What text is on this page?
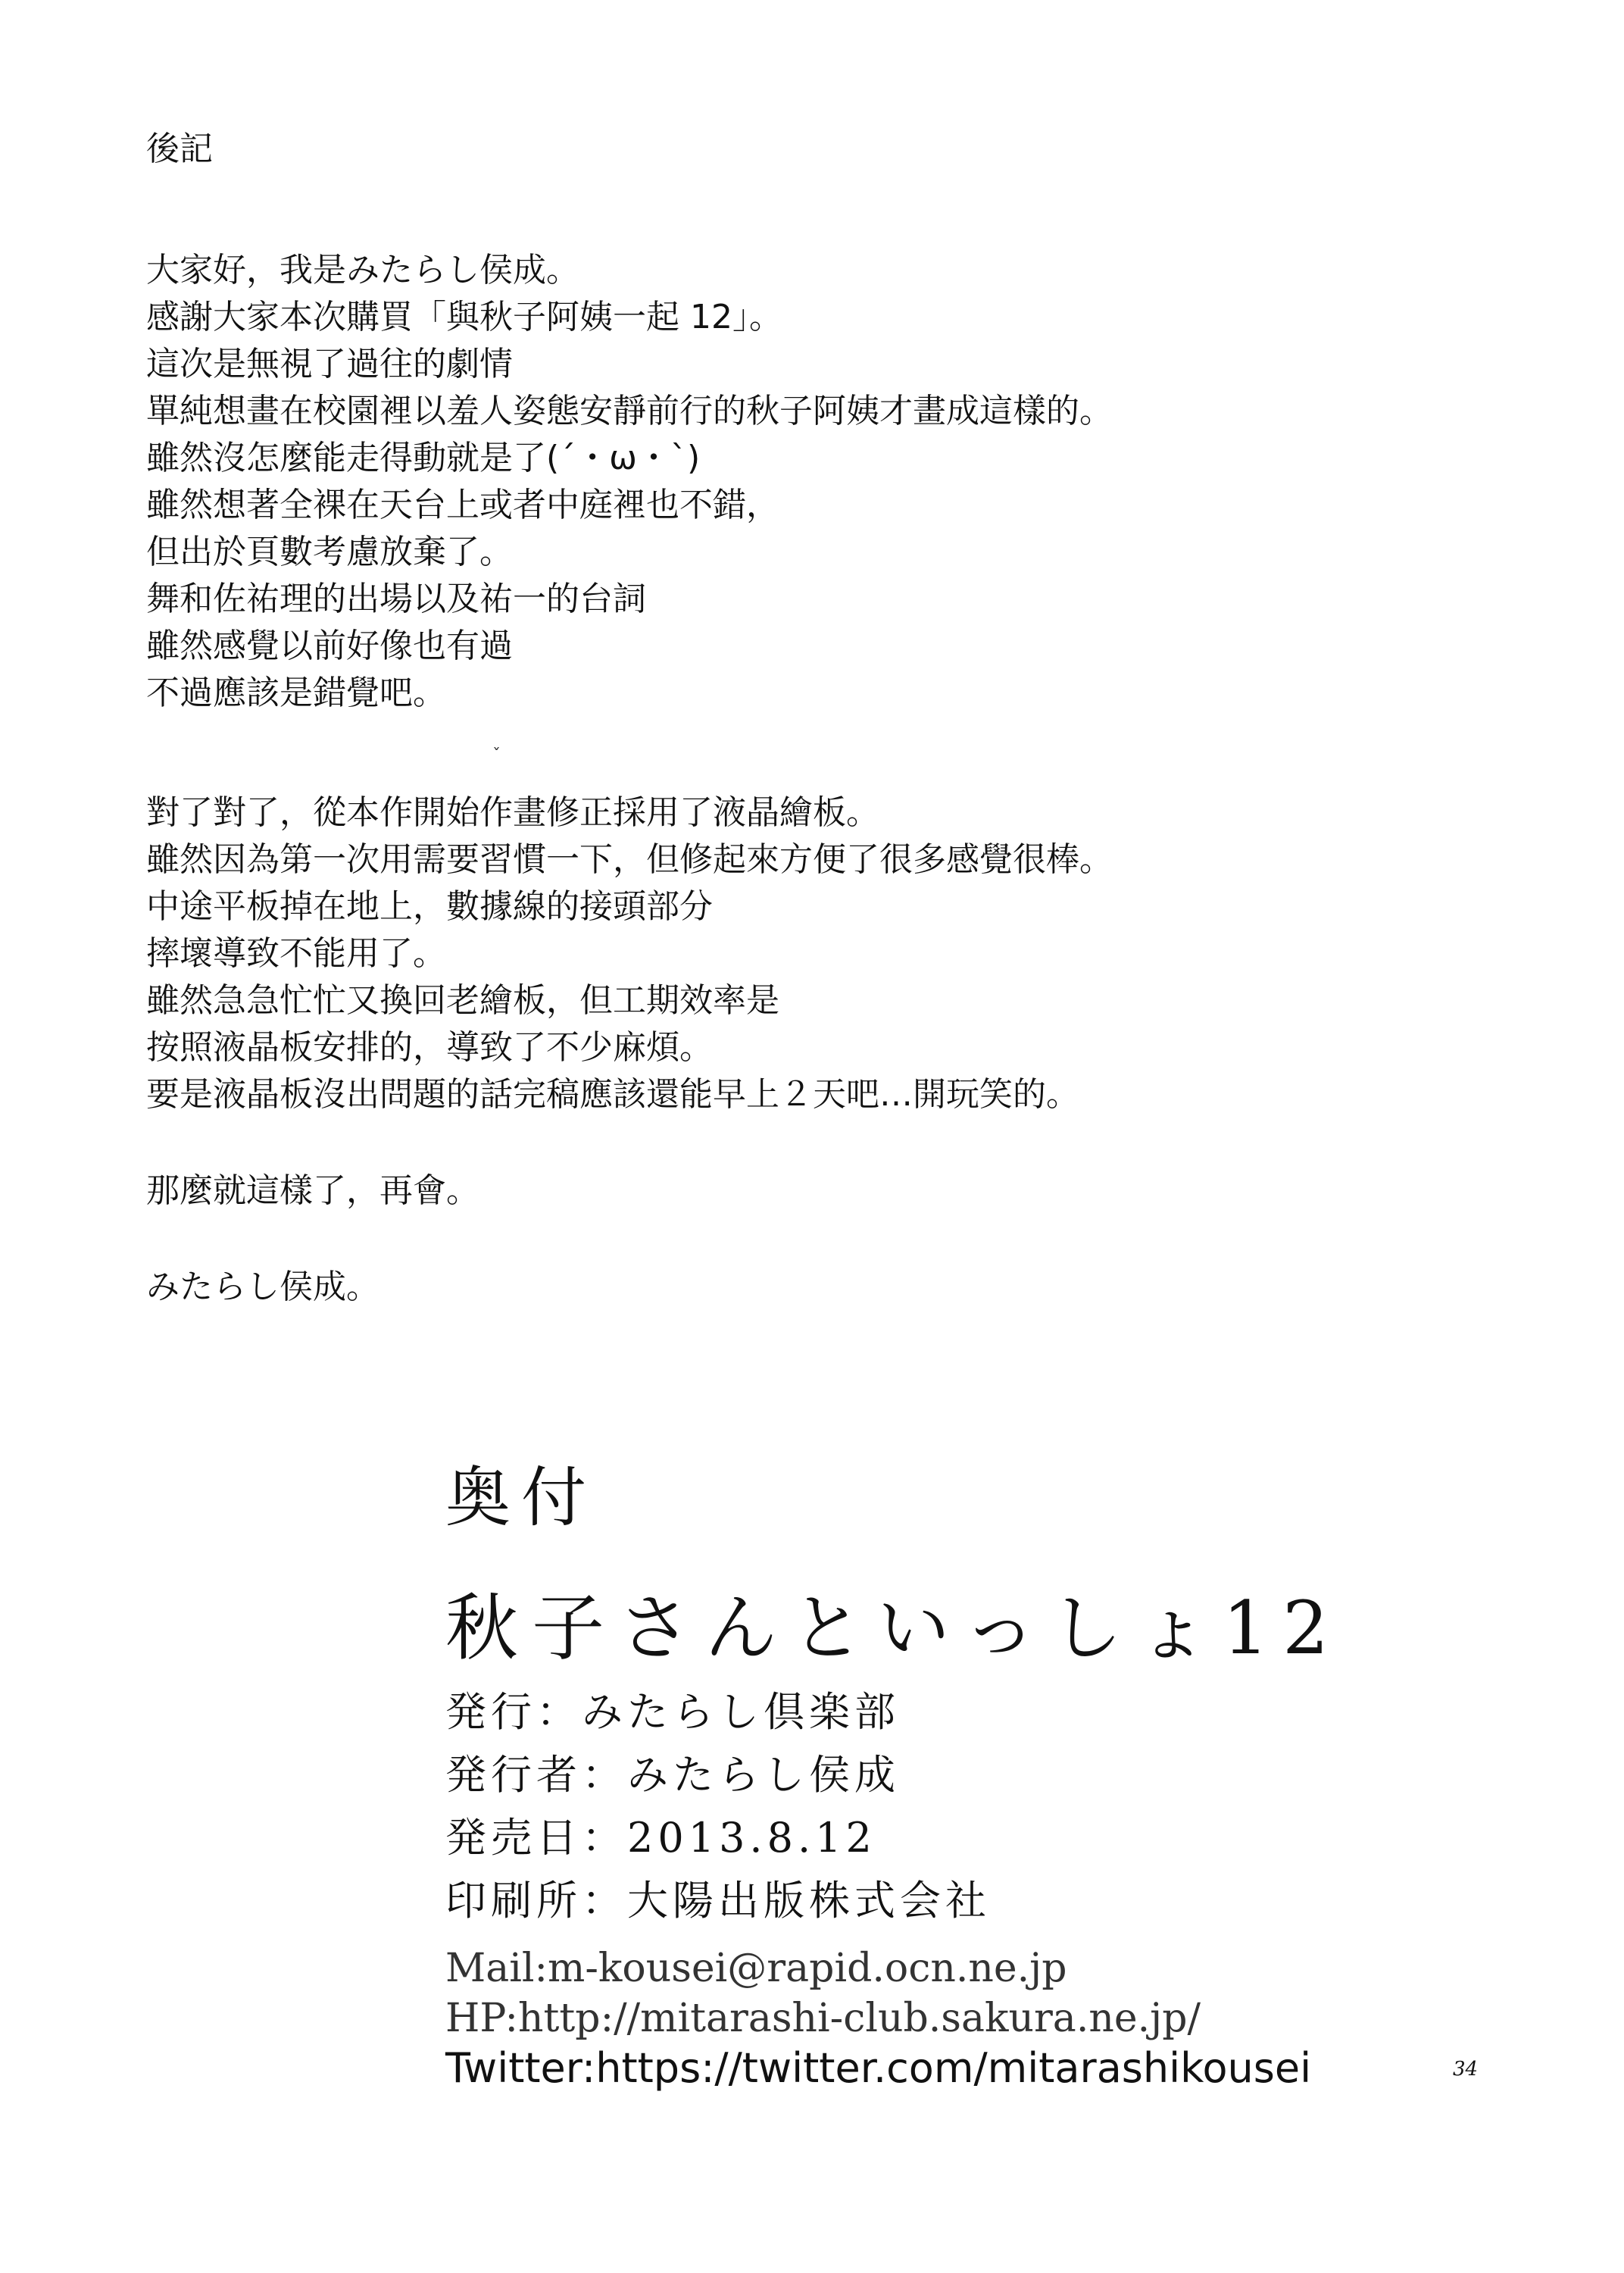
後記
大家好，我是みたらし侯成。
感謝大家本次購買「與秋子阿姨一起 12」。
這次是無視了過往的劇情
單純想畫在校園裡以羞人姿態安靜前行的秋子阿姨才畫成這樣的。
雖然沒怎麼能走得動就是了(´・ω・`)
雖然想著全裸在天台上或者中庭裡也不錯，
但出於頁數考慮放棄了。
舞和佐祐理的出場以及祐一的台詞
雖然感覺以前好像也有過
不過應該是錯覺吧。
對了對了，從本作開始作畫修正採用了液晶繪板。
雖然因為第一次用需要習慣一下，但修起來方便了很多感覺很棒。
中途平板掉在地上，數據線的接頭部分
摔壞導致不能用了。
雖然急急忙忙又換回老繪板，但工期效率是
按照液晶板安排的，導致了不少麻煩。
要是液晶板沒出問題的話完稿應該還能早上２天吧…開玩笑的。
那麼就這樣了，再會。
みたらし侯成。
ˇ
奥付
秋子さんといっしょ12
発行：みたらし倶楽部
発行者：みたらし侯成
発売日：2013.8.12
印刷所：大陽出版株式会社
Mail:m-kousei@rapid.ocn.ne.jp
HP:http://mitarashi-club.sakura.ne.jp/
Twitter:https://twitter.com/mitarashikousei	34
